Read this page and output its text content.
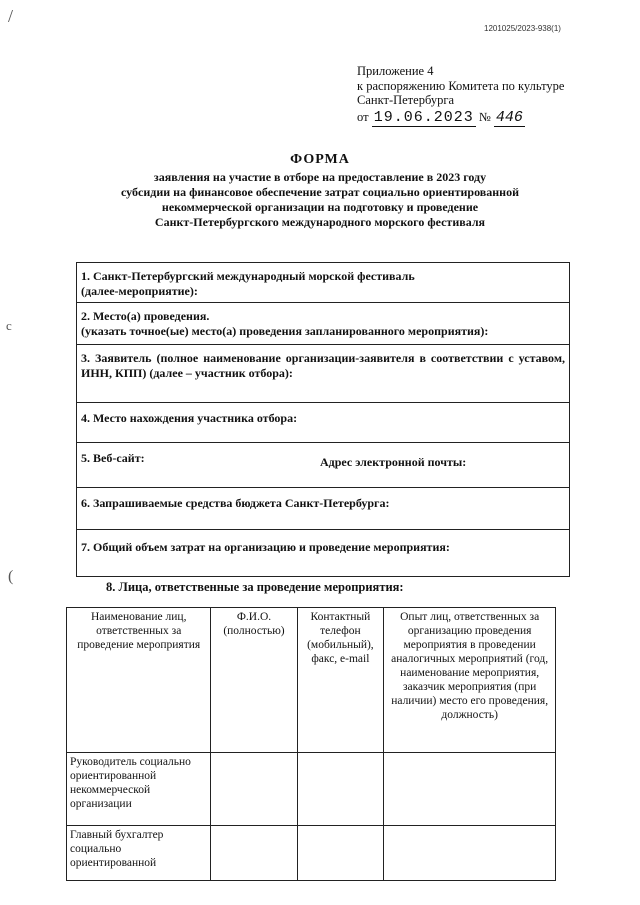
1201025/2023-938(1)
/
c
(
Приложение 4
к распоряжению Комитета по культуре
Санкт-Петербурга
от 19.06.2023 № 446
ФОРМА
заявления на участие в отборе на предоставление в 2023 году
субсидии на финансовое обеспечение затрат социально ориентированной
некоммерческой организации на подготовку и проведение
Санкт-Петербургского международного морского фестиваля
1. Санкт-Петербургский международный морской фестиваль
(далее-мероприятие):
2. Место(а) проведения.
(указать точное(ые) место(а) проведения запланированного мероприятия):
3. Заявитель (полное наименование организации-заявителя в соответствии с уставом, ИНН, КПП) (далее – участник отбора):
4. Место нахождения участника отбора:
5. Веб-сайт:	Адрес электронной почты:
6. Запрашиваемые средства бюджета Санкт-Петербурга:
7. Общий объем затрат на организацию и проведение мероприятия:
8. Лица, ответственные за проведение мероприятия:
Наименование лиц, ответственных за проведение мероприятия	Ф.И.О. (полностью)	Контактный телефон (мобильный), факс, e-mail	Опыт лиц, ответственных за организацию проведения мероприятия в проведении аналогичных мероприятий (год, наименование мероприятия, заказчик мероприятия (при наличии) место его проведения, должность)
Руководитель социально ориентированной некоммерческой организации			
Главный бухгалтер социально ориентированной			
